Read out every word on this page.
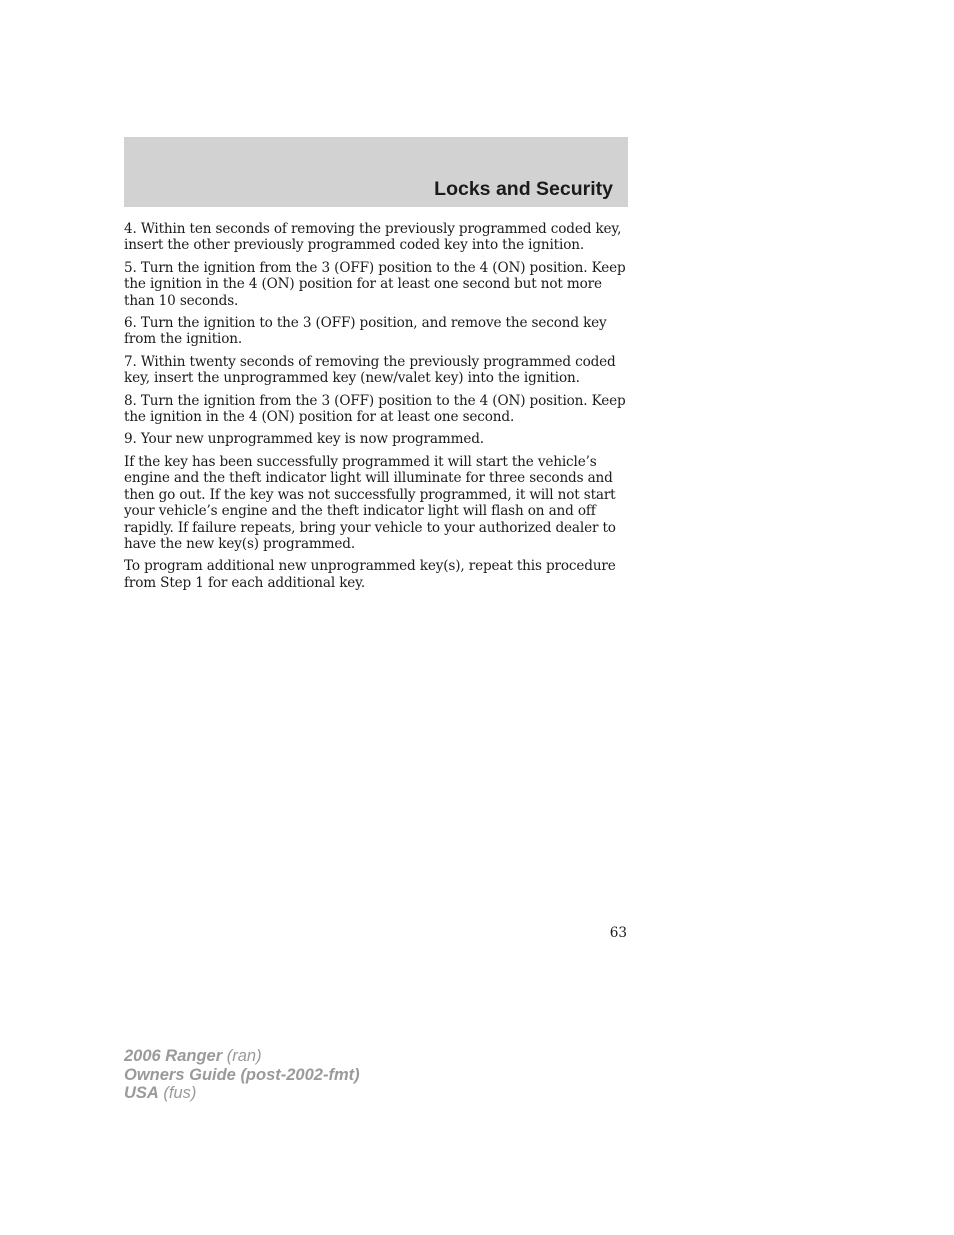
Locks and Security

4. Within ten seconds of removing the previously programmed coded key, insert the other previously programmed coded key into the ignition.

5. Turn the ignition from the 3 (OFF) position to the 4 (ON) position. Keep the ignition in the 4 (ON) position for at least one second but not more than 10 seconds.

6. Turn the ignition to the 3 (OFF) position, and remove the second key from the ignition.

7. Within twenty seconds of removing the previously programmed coded key, insert the unprogrammed key (new/valet key) into the ignition.

8. Turn the ignition from the 3 (OFF) position to the 4 (ON) position. Keep the ignition in the 4 (ON) position for at least one second.

9. Your new unprogrammed key is now programmed.

If the key has been successfully programmed it will start the vehicle’s engine and the theft indicator light will illuminate for three seconds and then go out. If the key was not successfully programmed, it will not start your vehicle’s engine and the theft indicator light will flash on and off rapidly. If failure repeats, bring your vehicle to your authorized dealer to have the new key(s) programmed.

To program additional new unprogrammed key(s), repeat this procedure from Step 1 for each additional key.

63
2006 Ranger (ran)
Owners Guide (post-2002-fmt)
USA (fus)
